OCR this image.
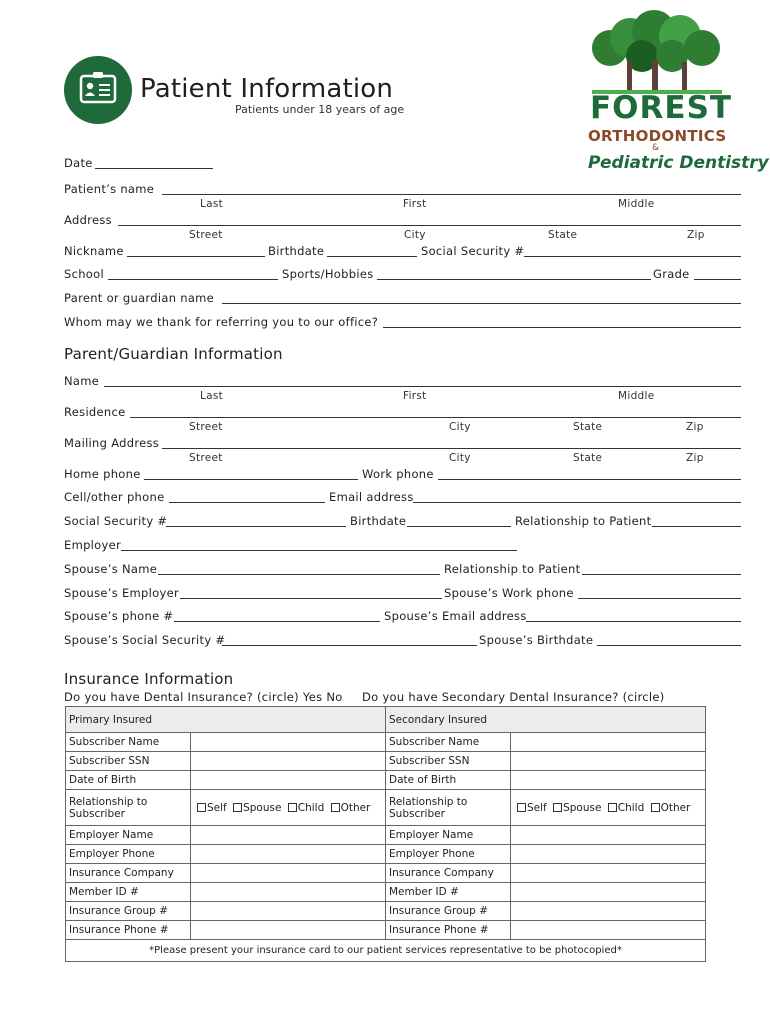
Patient Information
Patients under 18 years of age	FOREST
ORTHODONTICS
&
Pediatric Dentistry
Date
Patient’s name
Last	First	Middle
Address
Street	City	State	Zip
Nickname	Birthdate	Social Security #
School	Sports/Hobbies	Grade
Parent or guardian name
Whom may we thank for referring you to our office?
Parent/Guardian Information
Name
Last	First	Middle
Residence
Street	City	State	Zip
Mailing Address
Street	City	State	Zip
Home phone	Work phone
Cell/other phone	Email address
Social Security #	Birthdate	Relationship to Patient
Employer
Spouse’s Name	Relationship to Patient
Spouse’s Employer	Spouse’s Work phone
Spouse’s phone #	Spouse’s Email address
Spouse’s Social Security #	Spouse’s Birthdate
Insurance Information
Do you have Dental Insurance? (circle) Yes No Do you have Secondary Dental Insurance? (circle)
Primary Insured		Secondary Insured	
Subscriber Name		Subscriber Name	
Subscriber SSN		Subscriber SSN	
Date of Birth		Date of Birth	
Relationship to Subscriber	Self Spouse Child Other	Relationship to Subscriber	Self Spouse Child Other
Employer Name		Employer Name	
Employer Phone		Employer Phone	
Insurance Company		Insurance Company	
Member ID #		Member ID #	
Insurance Group #		Insurance Group #	
Insurance Phone #		Insurance Phone #	
*Please present your insurance card to our patient services representative to be photocopied*			
